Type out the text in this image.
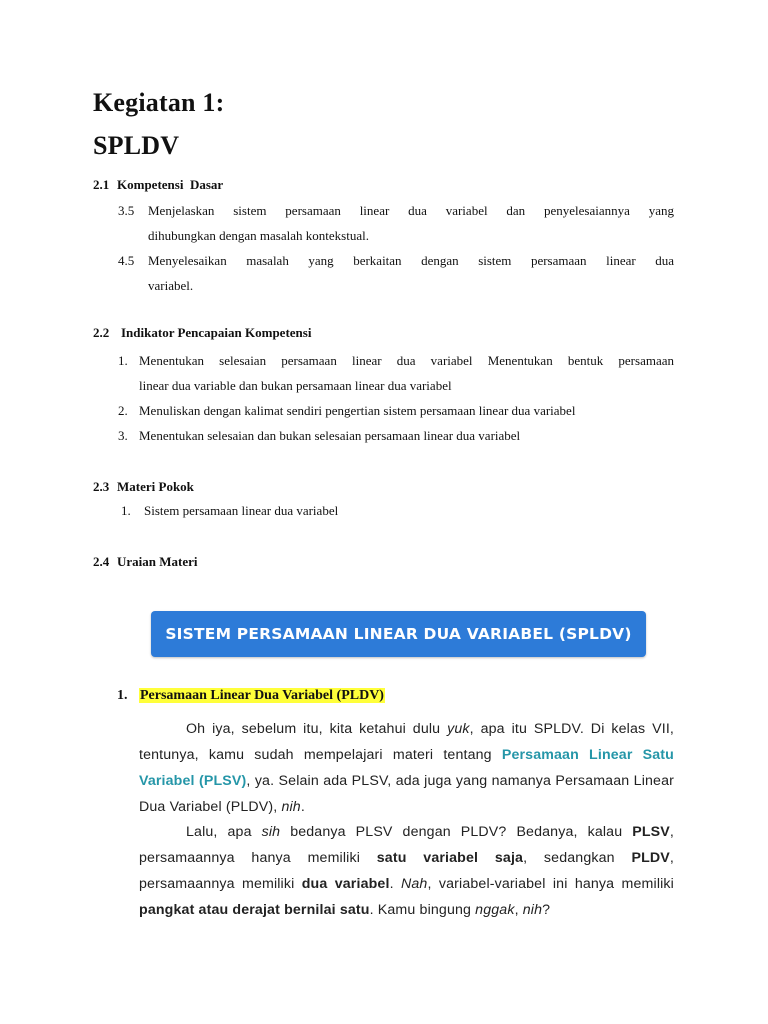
Kegiatan 1:
SPLDV
2.1 Kompetensi  Dasar
3.5 Menjelaskan sistem persamaan linear dua variabel dan penyelesaiannya yang
dihubungkan dengan masalah kontekstual.
4.5 Menyelesaikan masalah yang berkaitan dengan sistem persamaan linear dua
variabel.
2.2 Indikator Pencapaian Kompetensi
1. Menentukan selesaian persamaan linear dua variabel Menentukan bentuk persamaan
linear dua variable dan bukan persamaan linear dua variabel
2. Menuliskan dengan kalimat sendiri pengertian sistem persamaan linear dua variabel
3. Menentukan selesaian dan bukan selesaian persamaan linear dua variabel
2.3 Materi Pokok
1. Sistem persamaan linear dua variabel
2.4 Uraian Materi
SISTEM PERSAMAAN LINEAR DUA VARIABEL (SPLDV)
1. Persamaan Linear Dua Variabel (PLDV)
Oh iya, sebelum itu, kita ketahui dulu yuk, apa itu SPLDV. Di kelas VII, tentunya, kamu sudah mempelajari materi tentang Persamaan Linear Satu Variabel (PLSV), ya. Selain ada PLSV, ada juga yang namanya Persamaan Linear Dua Variabel (PLDV), nih.
Lalu, apa sih bedanya PLSV dengan PLDV? Bedanya, kalau PLSV, persamaannya hanya memiliki satu variabel saja, sedangkan PLDV, persamaannya memiliki dua variabel. Nah, variabel-variabel ini hanya memiliki pangkat atau derajat bernilai satu. Kamu bingung nggak, nih?
